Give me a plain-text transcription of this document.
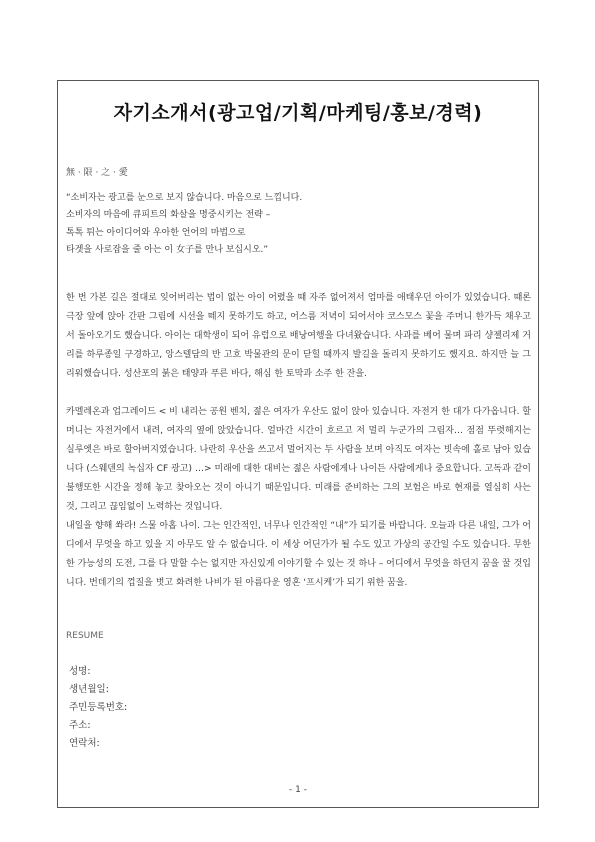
자기소개서(광고업/기획/마케팅/홍보/경력)
無 · 限 · 之 · 愛
“소비자는 광고를 눈으로 보지 않습니다. 마음으로 느낍니다.
소비자의 마음에 큐피트의 화살을 명중시키는 전략 –
톡톡 튀는 아이디어와 우아한 언어의 마법으로
타겟을 사로잡을 줄 아는 이 女子를 만나 보십시오.”
한 번 가본 길은 절대로 잊어버리는 법이 없는 아이 어렸을 때 자주 없어져서 엄마를 애태우던 아이가 있었습니다. 때론 극장 앞에 앉아 간판 그림에 시선을 떼지 못하기도 하고, 어스름 저녁이 되어서야 코스모스 꽃을 주머니 한가득 채우고서 돌아오기도 했습니다. 아이는 대학생이 되어 유럽으로 배낭여행을 다녀왔습니다. 사과를 베어 물며 파리 샹젤리제 거리를 하루종일 구경하고, 앙스텔담의 반 고흐 박물관의 문이 닫힐 때까지 발길을 돌리지 못하기도 했지요. 하지만 늘 그리워했습니다. 성산포의 붉은 태양과 푸른 바다, 해심 한 토막과 소주 한 잔을.
카멜레온과 업그레이드 < 비 내리는 공원 벤치, 젊은 여자가 우산도 없이 앉아 있습니다. 자전거 한 대가 다가옵니다. 할머니는 자전거에서 내려, 여자의 옆에 앉았습니다. 얼마간 시간이 흐르고 저 멀리 누군가의 그림자… 점점 뚜렷해지는 실루엣은 바로 할아버지였습니다. 나란히 우산을 쓰고서 멀어지는 두 사람을 보며 아직도 여자는 빗속에 홀로 남아 있습니다 (스웨덴의 녹십자 CF 광고) …> 미래에 대한 대비는 젊은 사람에게나 나이든 사람에게나 중요합니다. 고독과 같이 불행또한 시간을 정해 놓고 찾아오는 것이 아니기 때문입니다. 미래를 준비하는 그의 보험은 바로 현재를 열심히 사는 것, 그리고 끊임없이 노력하는 것입니다.
내일을 향해 쏴라! 스물 아홉 나이. 그는 인간적인, 너무나 인간적인 “내”가 되기를 바랍니다. 오늘과 다른 내일, 그가 어디에서 무엇을 하고 있을 지 아무도 알 수 없습니다. 이 세상 어딘가가 될 수도 있고 가상의 공간일 수도 있습니다. 무한한 가능성의 도전, 그를 다 말할 수는 없지만 자신있게 이야기할 수 있는 것 하나 – 어디에서 무엇을 하던지 꿈을 꿀 것입니다. 번데기의 껍질을 벗고 화려한 나비가 된 아름다운 영혼 ‘프시케’가 되기 위한 꿈을.
RESUME
성명:
생년월일:
주민등록번호:
주소:
연락처:
- 1 -
